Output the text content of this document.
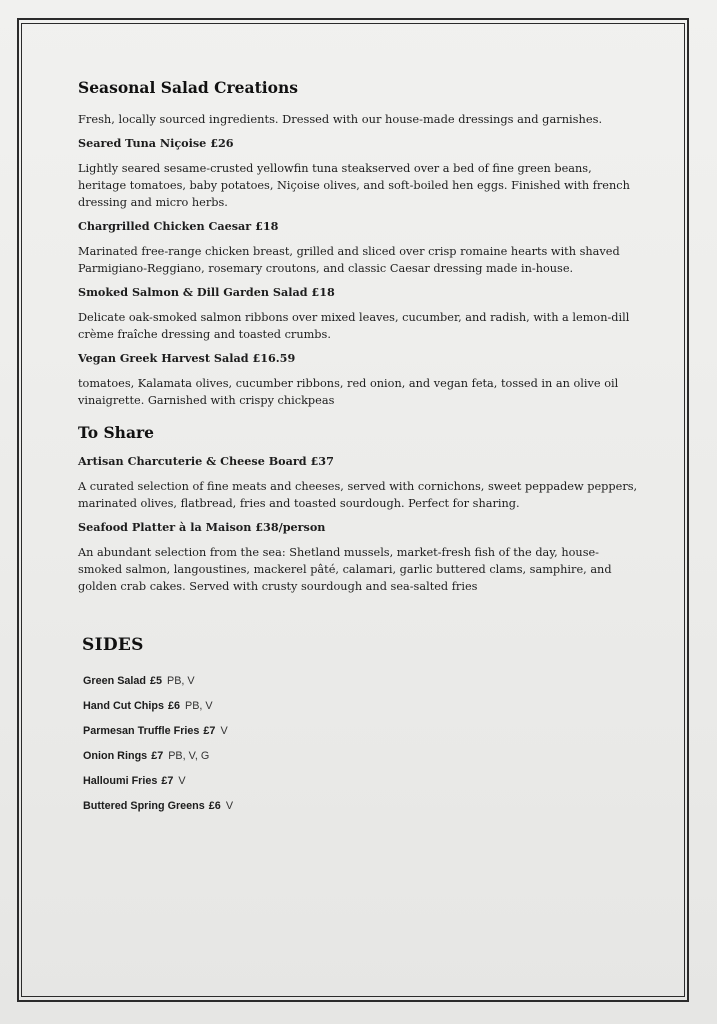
Seasonal Salad Creations

Fresh, locally sourced ingredients. Dressed with our house-made dressings and garnishes.

Seared Tuna Niçoise £26

Lightly seared sesame-crusted yellowfin tuna steakserved over a bed of fine green beans, heritage tomatoes, baby potatoes, Niçoise olives, and soft-boiled hen eggs. Finished with french dressing and micro herbs.

Chargrilled Chicken Caesar £18

Marinated free-range chicken breast, grilled and sliced over crisp romaine hearts with shaved Parmigiano-Reggiano, rosemary croutons, and classic Caesar dressing made in-house.

Smoked Salmon & Dill Garden Salad £18

Delicate oak-smoked salmon ribbons over mixed leaves, cucumber, and radish, with a lemon-dill crème fraîche dressing and toasted crumbs.

Vegan Greek Harvest Salad £16.59

tomatoes, Kalamata olives, cucumber ribbons, red onion, and vegan feta, tossed in an olive oil vinaigrette. Garnished with crispy chickpeas

To Share
Artisan Charcuterie & Cheese Board £37

A curated selection of fine meats and cheeses, served with cornichons, sweet peppadew peppers, marinated olives, flatbread, fries and toasted sourdough. Perfect for sharing.

Seafood Platter à la Maison £38/person

An abundant selection from the sea: Shetland mussels, market-fresh fish of the day, house-smoked salmon, langoustines, mackerel pâté, calamari, garlic buttered clams, samphire, and golden crab cakes. Served with crusty sourdough and sea-salted fries

SIDES
Green Salad £5 PB, V
Hand Cut Chips £6 PB, V
Parmesan Truffle Fries £7 V
Onion Rings £7 PB, V, G
Halloumi Fries £7 V
Buttered Spring Greens £6 V
